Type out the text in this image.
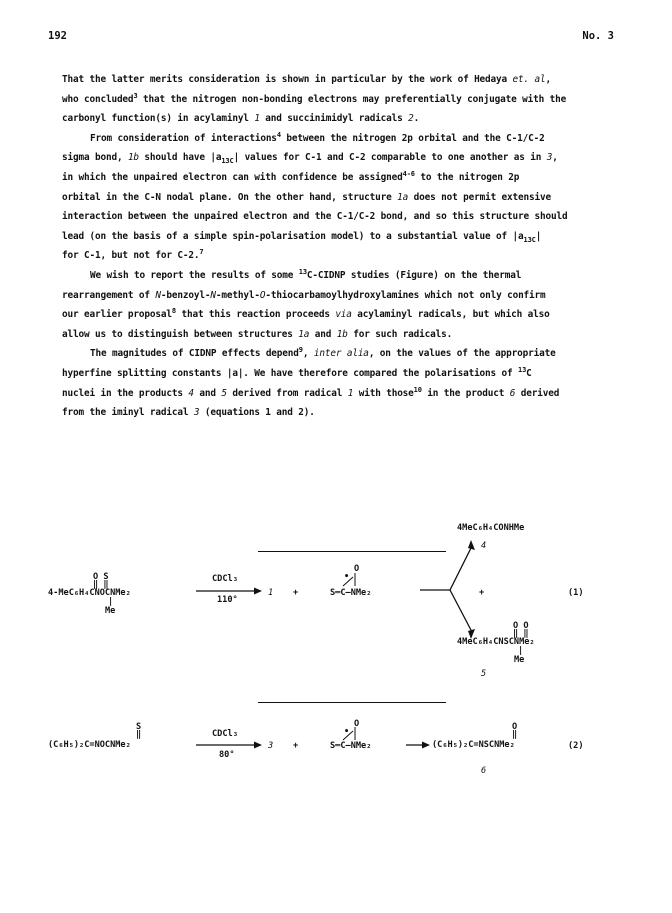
192	No. 3
That the latter merits consideration is shown in particular by the work of Hedaya et. al,
who concluded$^3$ that the nitrogen non-bonding electrons may preferentially conjugate with the
carbonyl function(s) in acylaminyl 1 and succinimidyl radicals 2.
From consideration of interactions$^4$ between the nitrogen 2p orbital and the C-1/C-2
sigma bond, 1b should have $|a_{13C}|$ values for C-1 and C-2 comparable to one another as in 3,
in which the unpaired electron can with confidence be assigned$^{4-6}$ to the nitrogen 2p
orbital in the C-N nodal plane. On the other hand, structure 1a does not permit extensive
interaction between the unpaired electron and the C-1/C-2 bond, and so this structure should
lead (on the basis of a simple spin-polarisation model) to a substantial value of $|a_{13C}|$
for C-1, but not for C-2.$^7$
We wish to report the results of some $^{13}$C-CIDNP studies (Figure) on the thermal
rearrangement of N-benzoyl-N-methyl-O-thiocarbamoylhydroxylamines which not only confirm
our earlier proposal$^8$ that this reaction proceeds via acylaminyl radicals, but which also
allow us to distinguish between structures 1a and 1b for such radicals.
The magnitudes of CIDNP effects depend$^9$, inter alia, on the values of the appropriate
hyperfine splitting constants |a|. We have therefore compared the polarisations of $^{13}$C
nuclei in the products 4 and 5 derived from radical 1 with those$^{10}$ in the product 6 derived
from the iminyl radical 3 (equations 1 and 2).
O S
‖ ‖
4-MeC₆H₄CNOCNMe₂
|
Me
CDCl₃
110°
1 +
O
•
S═C—NMe₂
4MeC₆H₄CONHMe
4
+
O O
‖ ‖
4MeC₆H₄CNSCNMe₂
|
Me
5
(1)
S
‖
(C₆H₅)₂C=NOCNMe₂
CDCl₃
80°
3 +
O
•
S═C—NMe₂
O
‖
(C₆H₅)₂C=NSCNMe₂
6
(2)
